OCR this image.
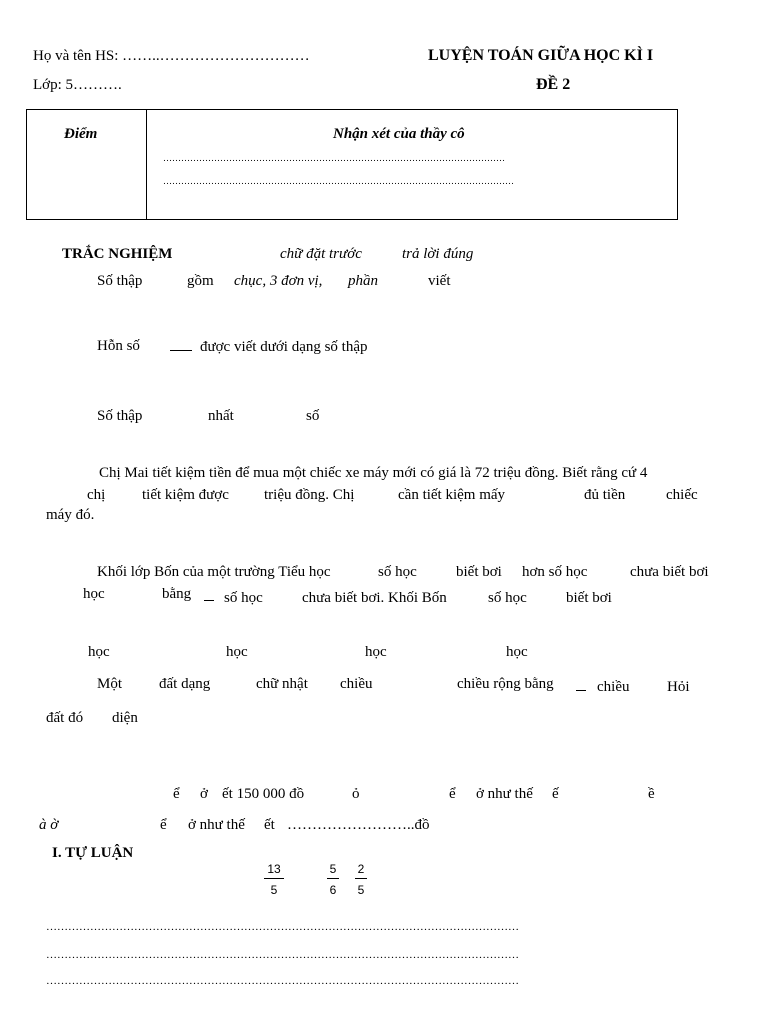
Họ và tên HS: ……..…………………………	LUYỆN TOÁN GIỮA HỌC KÌ I
Lớp: 5……….	ĐỀ 2
Điểm	Nhận xét của thầy cô
……………………………………………………………………………………………………
………………………………………………………………………………………………………
TRẮC NGHIỆM	chữ đặt trước	trả lời đúng
Số thập	gồm chục, 3 đơn vị, phần	viết
Hỗn số	được viết dưới dạng số thập
Số thập	nhất	số
Chị Mai tiết kiệm tiền để mua một chiếc xe máy mới có giá là 72 triệu đồng. Biết rằng cứ 4
chị tiết kiệm được triệu đồng. Chị	cần tiết kiệm mấy	đủ tiền	chiếc
máy đó.
Khối lớp Bốn của một trường Tiểu học	số học	biết bơi hơn số học	chưa biết bơi
học	bằng số học	chưa biết bơi. Khối Bốn	số học	biết bơi
học	học	học	học
Một đất dạng	chữ nhật chiều	chiều rộng bằng	chiều	Hỏi
đất đó diện
ể ở ết 150 000 đồ	ỏ	ể ở như thế ế	ề
à ờ	ể ở như thế ết ……………………..đồ
I. TỰ LUẬN
13
5
5
6
2
5
…………………………………………………………………………………………………………………
…………………………………………………………………………………………………………………
…………………………………………………………………………………………………………………
